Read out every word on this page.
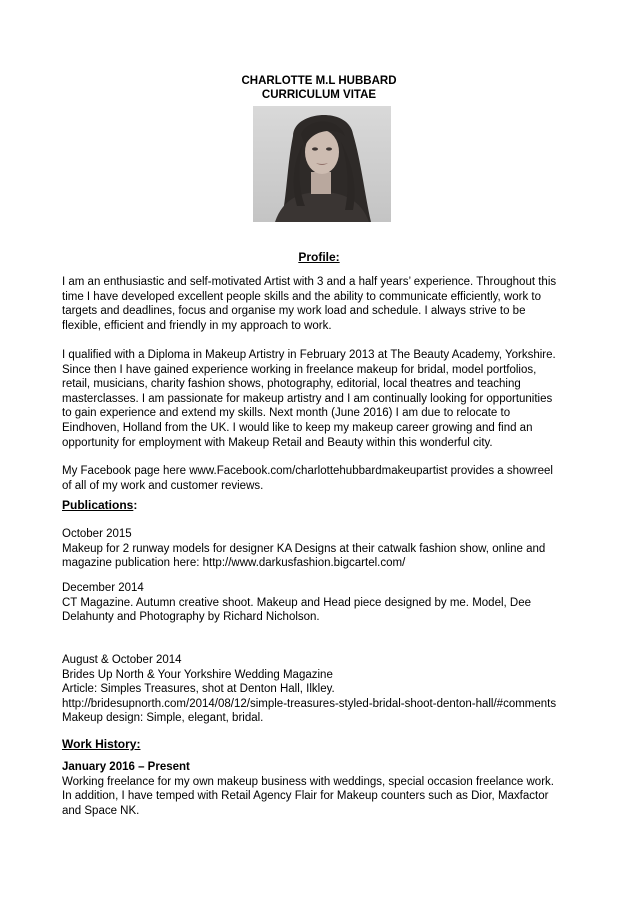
CHARLOTTE M.L HUBBARD
CURRICULUM VITAE
Profile:
I am an enthusiastic and self-motivated Artist with 3 and a half years’ experience. Throughout this
time I have developed excellent people skills and the ability to communicate efficiently, work to
targets and deadlines, focus and organise my work load and schedule. I always strive to be
flexible, efficient and friendly in my approach to work.
I qualified with a Diploma in Makeup Artistry in February 2013 at The Beauty Academy, Yorkshire.
Since then I have gained experience working in freelance makeup for bridal, model portfolios,
retail, musicians, charity fashion shows, photography, editorial, local theatres and teaching
masterclasses. I am passionate for makeup artistry and I am continually looking for opportunities
to gain experience and extend my skills. Next month (June 2016) I am due to relocate to
Eindhoven, Holland from the UK. I would like to keep my makeup career growing and find an
opportunity for employment with Makeup Retail and Beauty within this wonderful city.
My Facebook page here www.Facebook.com/charlottehubbardmakeupartist provides a showreel
of all of my work and customer reviews.
Publications:
October 2015
Makeup for 2 runway models for designer KA Designs at their catwalk fashion show, online and
magazine publication here: http://www.darkusfashion.bigcartel.com/
December 2014
CT Magazine. Autumn creative shoot. Makeup and Head piece designed by me. Model, Dee
Delahunty and Photography by Richard Nicholson.
August & October 2014
Brides Up North & Your Yorkshire Wedding Magazine
Article: Simples Treasures, shot at Denton Hall, Ilkley.
http://bridesupnorth.com/2014/08/12/simple-treasures-styled-bridal-shoot-denton-hall/#comments
Makeup design: Simple, elegant, bridal.
Work History:
January 2016 – Present
Working freelance for my own makeup business with weddings, special occasion freelance work.
In addition, I have temped with Retail Agency Flair for Makeup counters such as Dior, Maxfactor
and Space NK.
